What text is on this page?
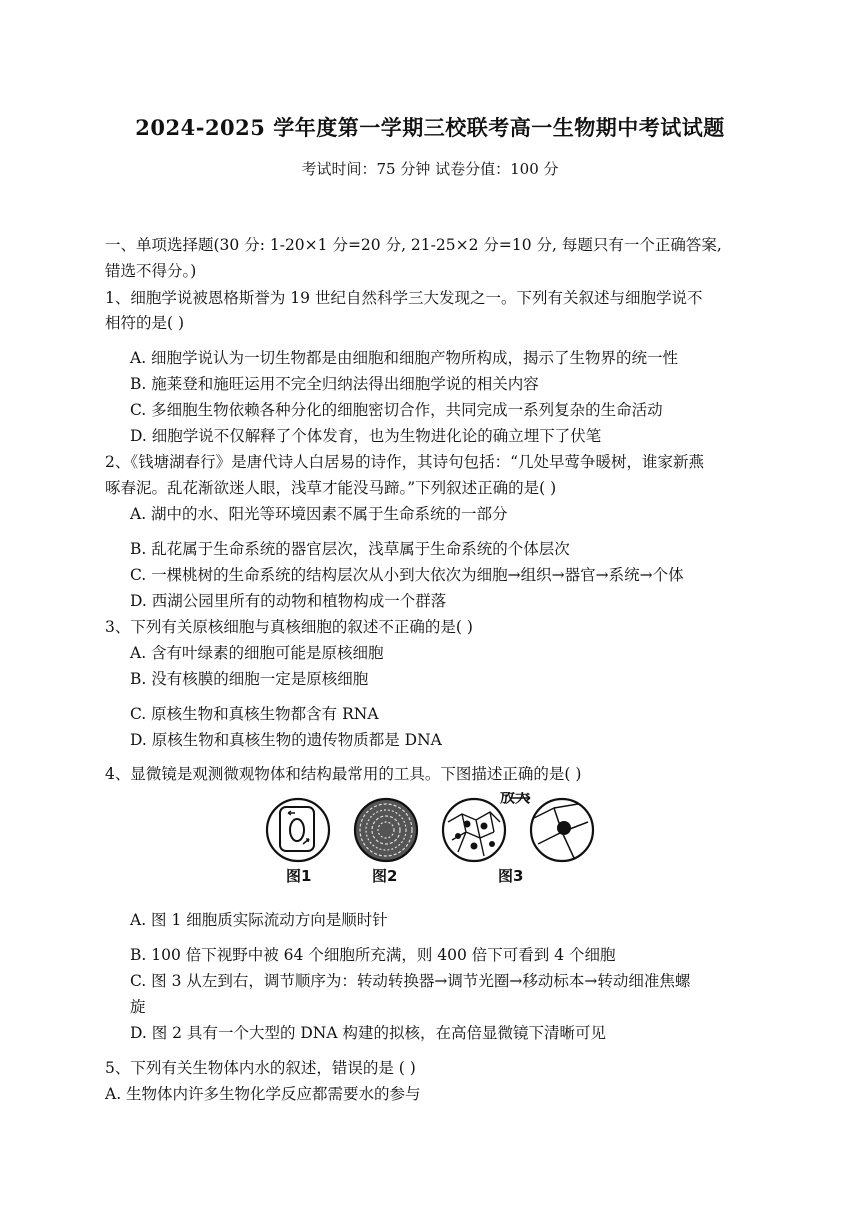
2024-2025 学年度第一学期三校联考高一生物期中考试试题
考试时间：75 分钟 试卷分值：100 分
一、单项选择题(30 分: 1-20×1 分=20 分, 21-25×2 分=10 分, 每题只有一个正确答案,
错选不得分。)
1、细胞学说被恩格斯誉为 19 世纪自然科学三大发现之一。下列有关叙述与细胞学说不
相符的是( )
A. 细胞学说认为一切生物都是由细胞和细胞产物所构成，揭示了生物界的统一性
B. 施莱登和施旺运用不完全归纳法得出细胞学说的相关内容
C. 多细胞生物依赖各种分化的细胞密切合作，共同完成一系列复杂的生命活动
D. 细胞学说不仅解释了个体发育，也为生物进化论的确立埋下了伏笔
2、《钱塘湖春行》是唐代诗人白居易的诗作，其诗句包括：“几处早莺争暖树，谁家新燕
啄春泥。乱花渐欲迷人眼，浅草才能没马蹄。”下列叙述正确的是( )
A. 湖中的水、阳光等环境因素不属于生命系统的一部分
B. 乱花属于生命系统的器官层次，浅草属于生命系统的个体层次
C. 一棵桃树的生命系统的结构层次从小到大依次为细胞→组织→器官→系统→个体
D. 西湖公园里所有的动物和植物构成一个群落
3、下列有关原核细胞与真核细胞的叙述不正确的是( )
A. 含有叶绿素的细胞可能是原核细胞
B. 没有核膜的细胞一定是原核细胞
C. 原核生物和真核生物都含有 RNA
D. 原核生物和真核生物的遗传物质都是 DNA
4、显微镜是观测微观物体和结构最常用的工具。下图描述正确的是( )
放大
图1	图2	图3
A. 图 1 细胞质实际流动方向是顺时针
B. 100 倍下视野中被 64 个细胞所充满，则 400 倍下可看到 4 个细胞
C. 图 3 从左到右，调节顺序为：转动转换器→调节光圈→移动标本→转动细准焦螺
旋
D. 图 2 具有一个大型的 DNA 构建的拟核，在高倍显微镜下清晰可见
5、下列有关生物体内水的叙述，错误的是 ( )
A. 生物体内许多生物化学反应都需要水的参与
